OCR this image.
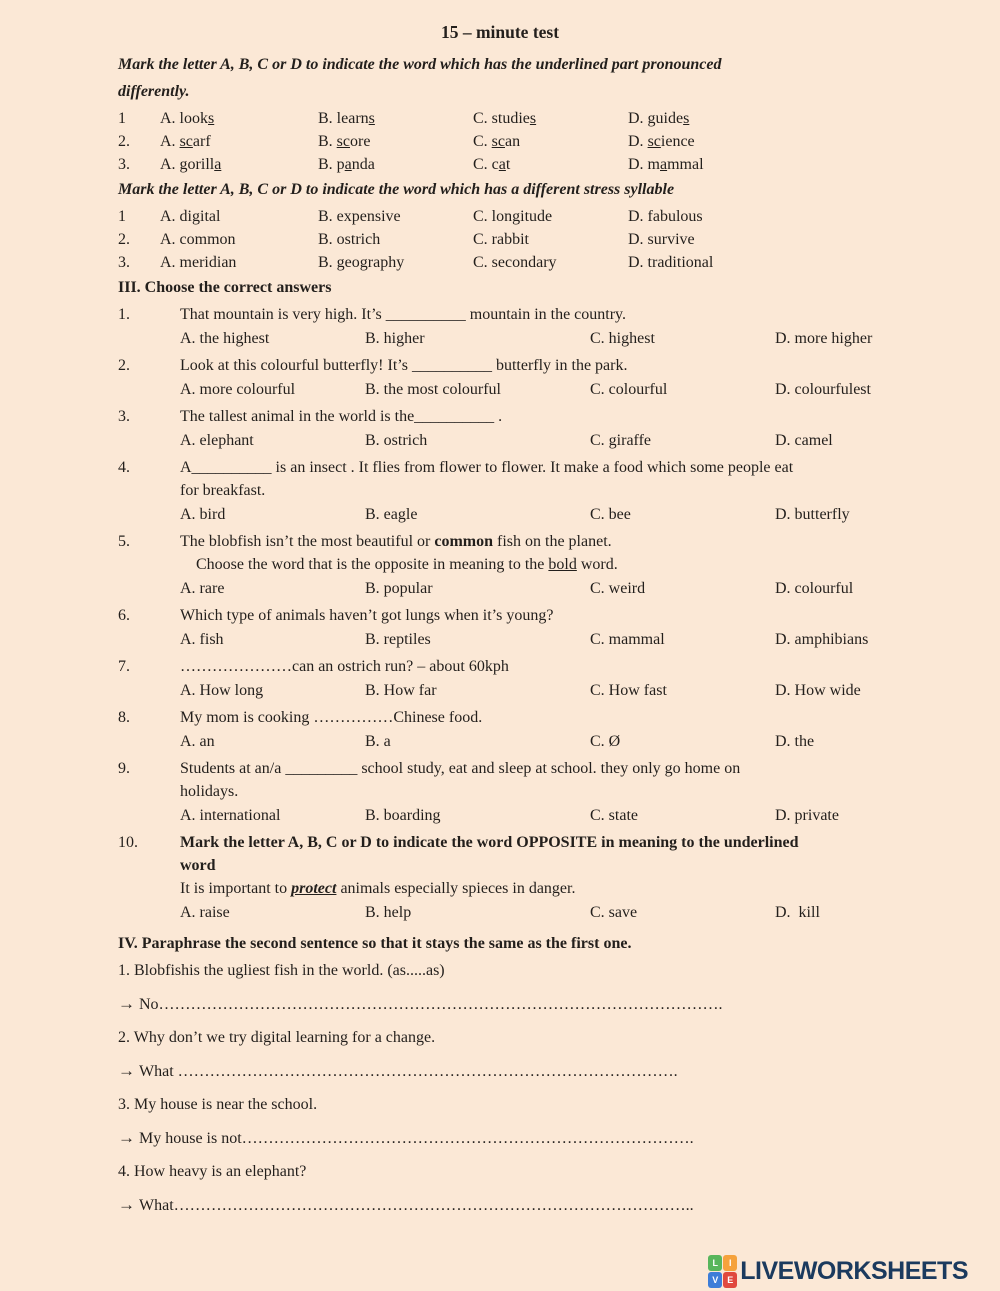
15 – minute test
Mark the letter A, B, C or D to indicate the word which has the underlined part pronounced
differently.
1	A. looks	B. learns	C. studies	D. guides
2.	A. scarf	B. score	C. scan	D. science
3.	A. gorilla	B. panda	C. cat	D. mammal
Mark the letter A, B, C or D to indicate the word which has a different stress syllable
1	A. digital	B. expensive	C. longitude	D. fabulous
2.	A. common	B. ostrich	C. rabbit	D. survive
3.	A. meridian	B. geography	C. secondary	D. traditional
III. Choose the correct answers
1.	That mountain is very high. It’s __________ mountain in the country.
A. the highest	B. higher	C. highest	D. more higher
2.	Look at this colourful butterfly! It’s __________ butterfly in the park.
A. more colourful	B. the most colourful	C. colourful	D. colourfulest
3.	The tallest animal in the world is the__________ .
A. elephant	B. ostrich	C. giraffe	D. camel
4.	A__________ is an insect . It flies from flower to flower. It make a food which some people eat
for breakfast.
A. bird	B. eagle	C. bee	D. butterfly
5.	The blobfish isn’t the most beautiful or common fish on the planet.
Choose the word that is the opposite in meaning to the bold word.
A. rare	B. popular	C. weird	D. colourful
6.	Which type of animals haven’t got lungs when it’s young?
A. fish	B. reptiles	C. mammal	D. amphibians
7.	…………………can an ostrich run? – about 60kph
A. How long	B. How far	C. How fast	D. How wide
8.	My mom is cooking ……………Chinese food.
A. an	B. a	C. Ø	D. the
9.	Students at an/a _________ school study, eat and sleep at school. they only go home on
holidays.
A. international	B. boarding	C. state	D. private
10.	Mark the letter A, B, C or D to indicate the word OPPOSITE in meaning to the underlined
word
It is important to protect animals especially spieces in danger.
A. raise	B. help	C. save	D.  kill
IV. Paraphrase the second sentence so that it stays the same as the first one.
1. Blobfishis the ugliest fish in the world. (as.....as)
→ No…………………………………………………………………………………………….
2. Why don’t we try digital learning for a change.
→ What ………………………………………………………………………………….
3. My house is near the school.
→ My house is not………………………………………………………………………….
4. How heavy is an elephant?
→ What……………………………………………………………………………………..
L	I
V E LIVEWORKSHEETS
